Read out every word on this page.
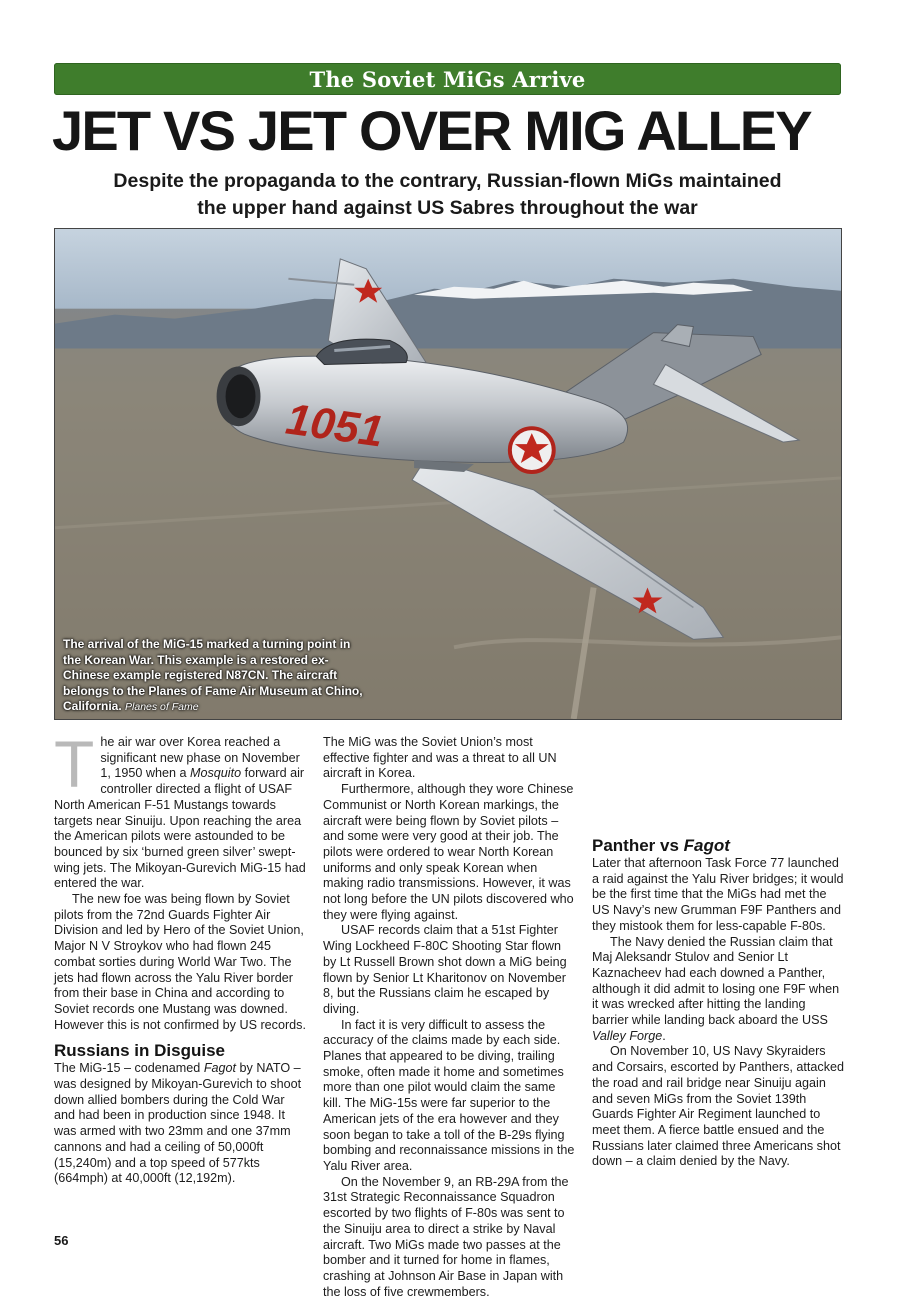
The Soviet MiGs Arrive
JET VS JET OVER MIG ALLEY
Despite the propaganda to the contrary, Russian-flown MiGs maintained
the upper hand against US Sabres throughout the war
1051
The arrival of the MiG-15 marked a turning point in the Korean War. This example is a restored ex-Chinese example registered N87CN. The aircraft belongs to the Planes of Fame Air Museum at Chino, California. Planes of Fame

The air war over Korea reached a significant new phase on November 1, 1950 when a Mosquito forward air controller directed a flight of USAF North American F-51 Mustangs towards targets near Sinuiju. Upon reaching the area the American pilots were astounded to be bounced by six ‘burned green silver’ swept-wing jets. The Mikoyan-Gurevich MiG-15 had entered the war.

The new foe was being flown by Soviet pilots from the 72nd Guards Fighter Air Division and led by Hero of the Soviet Union, Major N V Stroykov who had flown 245 combat sorties during World War Two. The jets had flown across the Yalu River border from their base in China and according to Soviet records one Mustang was downed. However this is not confirmed by US records.

Russians in Disguise

The MiG-15 – codenamed Fagot by NATO – was designed by Mikoyan-Gurevich to shoot down allied bombers during the Cold War and had been in production since 1948. It was armed with two 23mm and one 37mm cannons and had a ceiling of 50,000ft (15,240m) and a top speed of 577kts (664mph) at 40,000ft (12,192m).

The MiG was the Soviet Union’s most effective fighter and was a threat to all UN aircraft in Korea.

Furthermore, although they wore Chinese Communist or North Korean markings, the aircraft were being flown by Soviet pilots – and some were very good at their job. The pilots were ordered to wear North Korean uniforms and only speak Korean when making radio transmissions. However, it was not long before the UN pilots discovered who they were flying against.

USAF records claim that a 51st Fighter Wing Lockheed F-80C Shooting Star flown by Lt Russell Brown shot down a MiG being flown by Senior Lt Kharitonov on November 8, but the Russians claim he escaped by diving.

In fact it is very difficult to assess the accuracy of the claims made by each side. Planes that appeared to be diving, trailing smoke, often made it home and sometimes more than one pilot would claim the same kill. The MiG-15s were far superior to the American jets of the era however and they soon began to take a toll of the B-29s flying bombing and reconnaissance missions in the Yalu River area.

On the November 9, an RB-29A from the 31st Strategic Reconnaissance Squadron escorted by two flights of F-80s was sent to the Sinuiju area to direct a strike by Naval aircraft. Two MiGs made two passes at the bomber and it turned for home in flames, crashing at Johnson Air Base in Japan with the loss of five crewmembers.

Panther vs Fagot

Later that afternoon Task Force 77 launched a raid against the Yalu River bridges; it would be the first time that the MiGs had met the US Navy’s new Grumman F9F Panthers and they mistook them for less-capable F-80s.

The Navy denied the Russian claim that Maj Aleksandr Stulov and Senior Lt Kaznacheev had each downed a Panther, although it did admit to losing one F9F when it was wrecked after hitting the landing barrier while landing back aboard the USS Valley Forge.

On November 10, US Navy Skyraiders and Corsairs, escorted by Panthers, attacked the road and rail bridge near Sinuiju again and seven MiGs from the Soviet 139th Guards Fighter Air Regiment launched to meet them. A fierce battle ensued and the Russians later claimed three Americans shot down – a claim denied by the Navy.

56
